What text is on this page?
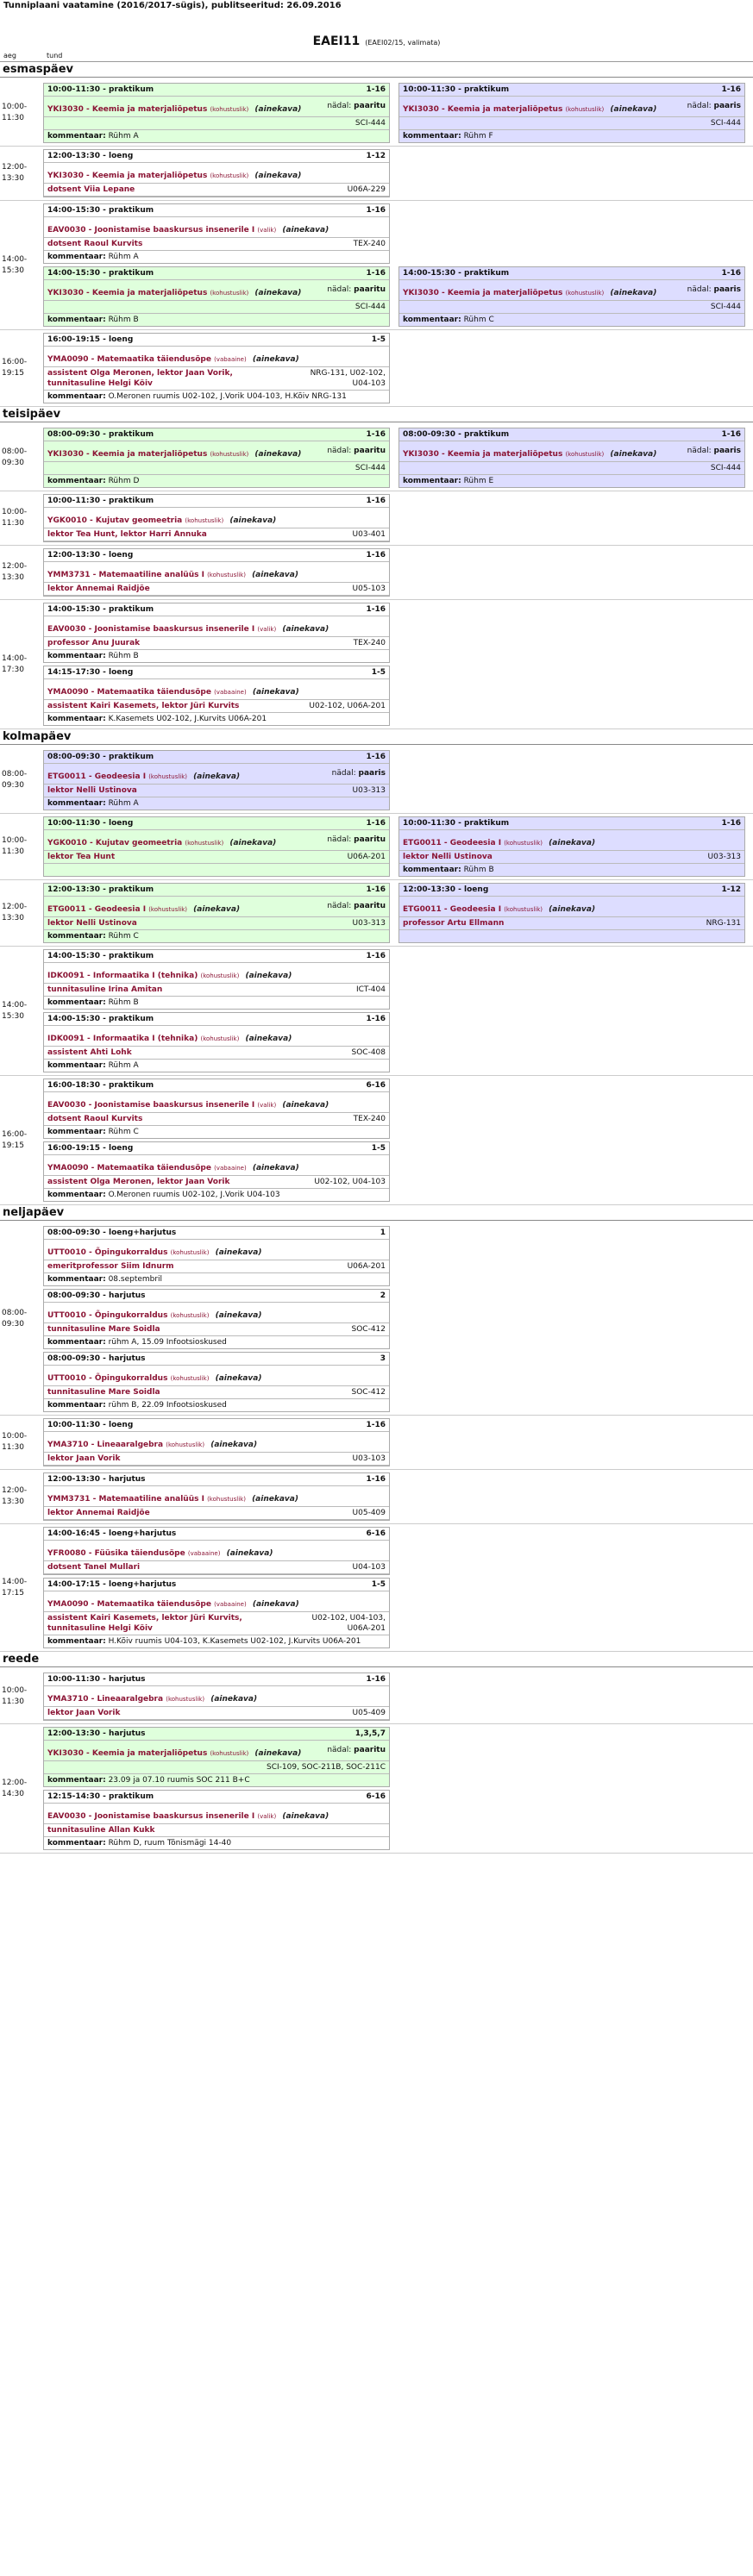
Tunniplaani vaatamine (2016/2017-sügis), publitseeritud: 26.09.2016
EAEI11 (EAEI02/15, valimata)
aeg	tund
esmaspäev
10:00-
11:30
10:00-11:30 - praktikum	1-16
YKI3030 - Keemia ja materjaliõpetus (kohustuslik) (ainekava)	nädal: paaritu
SCI-444
kommentaar: Rühm A
10:00-11:30 - praktikum	1-16
YKI3030 - Keemia ja materjaliõpetus (kohustuslik) (ainekava)	nädal: paaris
SCI-444
kommentaar: Rühm F
12:00-
13:30
12:00-13:30 - loeng	1-12
YKI3030 - Keemia ja materjaliõpetus (kohustuslik) (ainekava)
dotsent Viia Lepane	U06A-229
14:00-
15:30
14:00-15:30 - praktikum	1-16
EAV0030 - Joonistamise baaskursus insenerile I (valik) (ainekava)
dotsent Raoul Kurvits	TEX-240
kommentaar: Rühm A
14:00-15:30 - praktikum	1-16
YKI3030 - Keemia ja materjaliõpetus (kohustuslik) (ainekava)	nädal: paaritu
SCI-444
kommentaar: Rühm B
14:00-15:30 - praktikum	1-16
YKI3030 - Keemia ja materjaliõpetus (kohustuslik) (ainekava)	nädal: paaris
SCI-444
kommentaar: Rühm C
16:00-
19:15
16:00-19:15 - loeng	1-5
YMA0090 - Matemaatika täiendusõpe (vabaaine) (ainekava)
assistent Olga Meronen, lektor Jaan Vorik,
tunnitasuline Helgi Kõiv
NRG-131, U02-102,
U04-103
kommentaar: O.Meronen ruumis U02-102, J.Vorik U04-103, H.Kõiv NRG-131
teisipäev
08:00-
09:30
08:00-09:30 - praktikum	1-16
YKI3030 - Keemia ja materjaliõpetus (kohustuslik) (ainekava)	nädal: paaritu
SCI-444
kommentaar: Rühm D
08:00-09:30 - praktikum	1-16
YKI3030 - Keemia ja materjaliõpetus (kohustuslik) (ainekava)	nädal: paaris
SCI-444
kommentaar: Rühm E
10:00-
11:30
10:00-11:30 - praktikum	1-16
YGK0010 - Kujutav geomeetria (kohustuslik) (ainekava)
lektor Tea Hunt, lektor Harri Annuka	U03-401
12:00-
13:30
12:00-13:30 - loeng	1-16
YMM3731 - Matemaatiline analüüs I (kohustuslik) (ainekava)
lektor Annemai Raidjõe	U05-103
14:00-
17:30
14:00-15:30 - praktikum	1-16
EAV0030 - Joonistamise baaskursus insenerile I (valik) (ainekava)
professor Anu Juurak	TEX-240
kommentaar: Rühm B
14:15-17:30 - loeng	1-5
YMA0090 - Matemaatika täiendusõpe (vabaaine) (ainekava)
assistent Kairi Kasemets, lektor Jüri Kurvits	U02-102, U06A-201
kommentaar: K.Kasemets U02-102, J.Kurvits U06A-201
kolmapäev
08:00-
09:30
08:00-09:30 - praktikum	1-16
ETG0011 - Geodeesia I (kohustuslik) (ainekava)	nädal: paaris
lektor Nelli Ustinova	U03-313
kommentaar: Rühm A
10:00-
11:30
10:00-11:30 - loeng	1-16
YGK0010 - Kujutav geomeetria (kohustuslik) (ainekava)	nädal: paaritu
lektor Tea Hunt	U06A-201
10:00-11:30 - praktikum	1-16
ETG0011 - Geodeesia I (kohustuslik) (ainekava)
lektor Nelli Ustinova	U03-313
kommentaar: Rühm B
12:00-
13:30
12:00-13:30 - praktikum	1-16
ETG0011 - Geodeesia I (kohustuslik) (ainekava)	nädal: paaritu
lektor Nelli Ustinova	U03-313
kommentaar: Rühm C
12:00-13:30 - loeng	1-12
ETG0011 - Geodeesia I (kohustuslik) (ainekava)
professor Artu Ellmann	NRG-131
14:00-
15:30
14:00-15:30 - praktikum	1-16
IDK0091 - Informaatika I (tehnika) (kohustuslik) (ainekava)
tunnitasuline Irina Amitan	ICT-404
kommentaar: Rühm B
14:00-15:30 - praktikum	1-16
IDK0091 - Informaatika I (tehnika) (kohustuslik) (ainekava)
assistent Ahti Lohk	SOC-408
kommentaar: Rühm A
16:00-
19:15
16:00-18:30 - praktikum	6-16
EAV0030 - Joonistamise baaskursus insenerile I (valik) (ainekava)
dotsent Raoul Kurvits	TEX-240
kommentaar: Rühm C
16:00-19:15 - loeng	1-5
YMA0090 - Matemaatika täiendusõpe (vabaaine) (ainekava)
assistent Olga Meronen, lektor Jaan Vorik	U02-102, U04-103
kommentaar: O.Meronen ruumis U02-102, J.Vorik U04-103
neljapäev
08:00-
09:30
08:00-09:30 - loeng+harjutus	1
UTT0010 - Õpingukorraldus (kohustuslik) (ainekava)
emeritprofessor Siim Idnurm	U06A-201
kommentaar: 08.septembril
08:00-09:30 - harjutus	2
UTT0010 - Õpingukorraldus (kohustuslik) (ainekava)
tunnitasuline Mare Soidla	SOC-412
kommentaar: rühm A, 15.09 Infootsioskused
08:00-09:30 - harjutus	3
UTT0010 - Õpingukorraldus (kohustuslik) (ainekava)
tunnitasuline Mare Soidla	SOC-412
kommentaar: rühm B, 22.09 Infootsioskused
10:00-
11:30
10:00-11:30 - loeng	1-16
YMA3710 - Lineaaralgebra (kohustuslik) (ainekava)
lektor Jaan Vorik	U03-103
12:00-
13:30
12:00-13:30 - harjutus	1-16
YMM3731 - Matemaatiline analüüs I (kohustuslik) (ainekava)
lektor Annemai Raidjõe	U05-409
14:00-
17:15
14:00-16:45 - loeng+harjutus	6-16
YFR0080 - Füüsika täiendusõpe (vabaaine) (ainekava)
dotsent Tanel Mullari	U04-103
14:00-17:15 - loeng+harjutus	1-5
YMA0090 - Matemaatika täiendusõpe (vabaaine) (ainekava)
assistent Kairi Kasemets, lektor Jüri Kurvits,
tunnitasuline Helgi Kõiv
U02-102, U04-103,
U06A-201
kommentaar: H.Kõiv ruumis U04-103, K.Kasemets U02-102, J.Kurvits U06A-201
reede
10:00-
11:30
10:00-11:30 - harjutus	1-16
YMA3710 - Lineaaralgebra (kohustuslik) (ainekava)
lektor Jaan Vorik	U05-409
12:00-
14:30
12:00-13:30 - harjutus	1,3,5,7
YKI3030 - Keemia ja materjaliõpetus (kohustuslik) (ainekava)	nädal: paaritu
SCI-109, SOC-211B, SOC-211C
kommentaar: 23.09 ja 07.10 ruumis SOC 211 B+C
12:15-14:30 - praktikum	6-16
EAV0030 - Joonistamise baaskursus insenerile I (valik) (ainekava)
tunnitasuline Allan Kukk
kommentaar: Rühm D, ruum Tõnismägi 14-40
